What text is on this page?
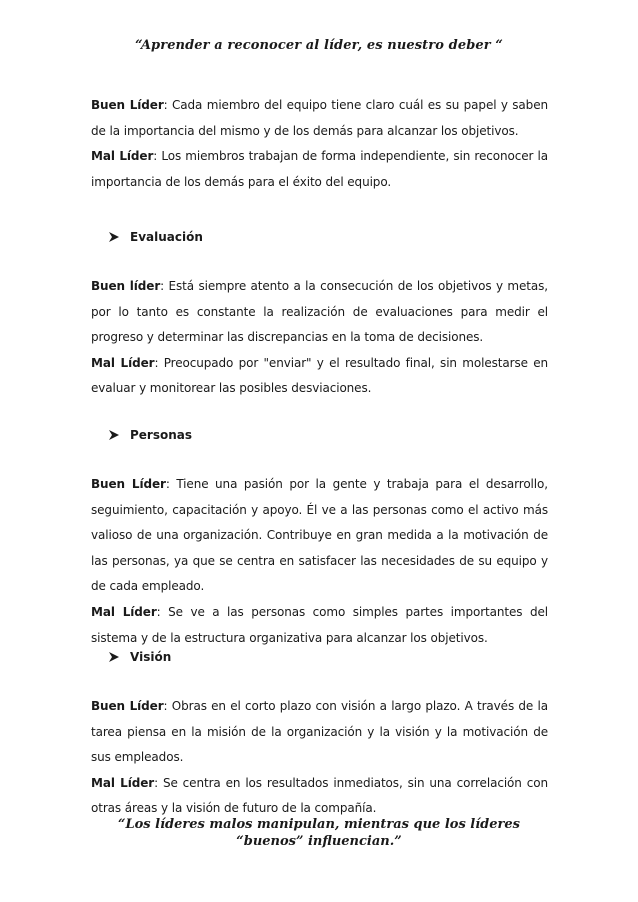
“Aprender a reconocer al líder, es nuestro deber “
Buen Líder: Cada miembro del equipo tiene claro cuál es su papel y saben de la importancia del mismo y de los demás para alcanzar los objetivos.
Mal Líder: Los miembros trabajan de forma independiente, sin reconocer la importancia de los demás para el éxito del equipo.
Evaluación
Buen líder: Está siempre atento a la consecución de los objetivos y metas, por lo tanto es constante la realización de evaluaciones para medir el progreso y determinar las discrepancias en la toma de decisiones.
Mal Líder: Preocupado por "enviar" y el resultado final, sin molestarse en evaluar y monitorear las posibles desviaciones.
Personas
Buen Líder: Tiene una pasión por la gente y trabaja para el desarrollo, seguimiento, capacitación y apoyo. Él ve a las personas como el activo más valioso de una organización. Contribuye en gran medida a la motivación de las personas, ya que se centra en satisfacer las necesidades de su equipo y de cada empleado.
Mal Líder: Se ve a las personas como simples partes importantes del sistema y de la estructura organizativa para alcanzar los objetivos.
Visión
Buen Líder: Obras en el corto plazo con visión a largo plazo. A través de la tarea piensa en la misión de la organización y la visión y la motivación de sus empleados.
Mal Líder: Se centra en los resultados inmediatos, sin una correlación con otras áreas y la visión de futuro de la compañía.
“Los líderes malos manipulan, mientras que los líderes “buenos” influencian.”
